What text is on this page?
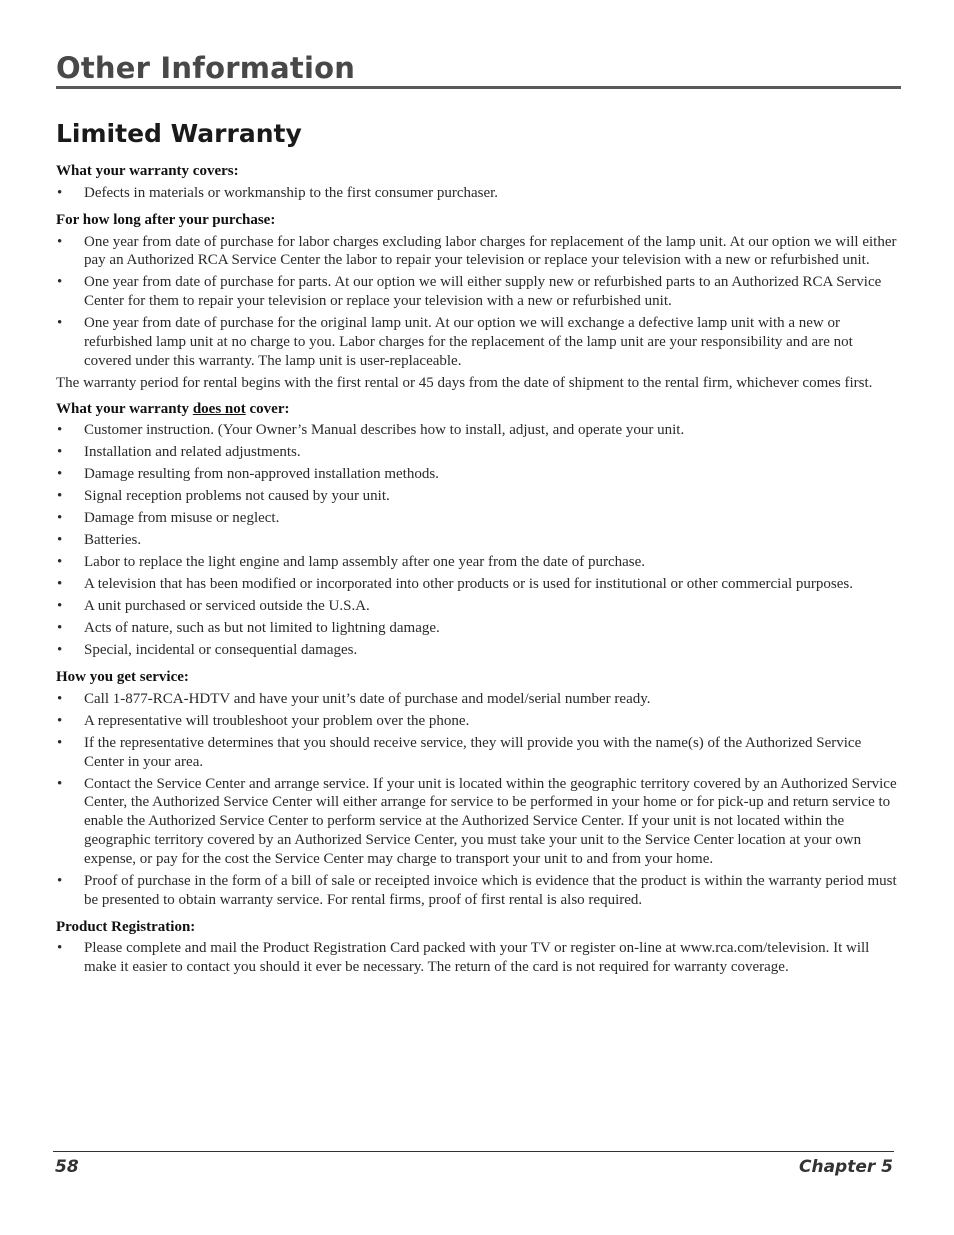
Other Information
Limited Warranty

What your warranty covers:

• Defects in materials or workmanship to the first consumer purchaser.

For how long after your purchase:

• One year from date of purchase for labor charges excluding labor charges for replacement of the lamp unit. At our option we will either pay an Authorized RCA Service Center the labor to repair your television or replace your television with a new or refurbished unit.
• One year from date of purchase for parts. At our option we will either supply new or refurbished parts to an Authorized RCA Service Center for them to repair your television or replace your television with a new or refurbished unit.
• One year from date of purchase for the original lamp unit. At our option we will exchange a defective lamp unit with a new or refurbished lamp unit at no charge to you. Labor charges for the replacement of the lamp unit are your responsibility and are not covered under this warranty. The lamp unit is user-replaceable.

The warranty period for rental begins with the first rental or 45 days from the date of shipment to the rental firm, whichever comes first.

What your warranty does not cover:

• Customer instruction. (Your Owner’s Manual describes how to install, adjust, and operate your unit.
• Installation and related adjustments.
• Damage resulting from non-approved installation methods.
• Signal reception problems not caused by your unit.
• Damage from misuse or neglect.
• Batteries.
• Labor to replace the light engine and lamp assembly after one year from the date of purchase.
• A television that has been modified or incorporated into other products or is used for institutional or other commercial purposes.
• A unit purchased or serviced outside the U.S.A.
• Acts of nature, such as but not limited to lightning damage.
• Special, incidental or consequential damages.

How you get service:

• Call 1-877-RCA-HDTV and have your unit’s date of purchase and model/serial number ready.
• A representative will troubleshoot your problem over the phone.
• If the representative determines that you should receive service, they will provide you with the name(s) of the Authorized Service Center in your area.
• Contact the Service Center and arrange service. If your unit is located within the geographic territory covered by an Authorized Service Center, the Authorized Service Center will either arrange for service to be performed in your home or for pick-up and return service to enable the Authorized Service Center to perform service at the Authorized Service Center. If your unit is not located within the geographic territory covered by an Authorized Service Center, you must take your unit to the Service Center location at your own expense, or pay for the cost the Service Center may charge to transport your unit to and from your home.
• Proof of purchase in the form of a bill of sale or receipted invoice which is evidence that the product is within the warranty period must be presented to obtain warranty service. For rental firms, proof of first rental is also required.

Product Registration:

• Please complete and mail the Product Registration Card packed with your TV or register on-line at www.rca.com/television. It will make it easier to contact you should it ever be necessary. The return of the card is not required for warranty coverage.
58	Chapter 5
